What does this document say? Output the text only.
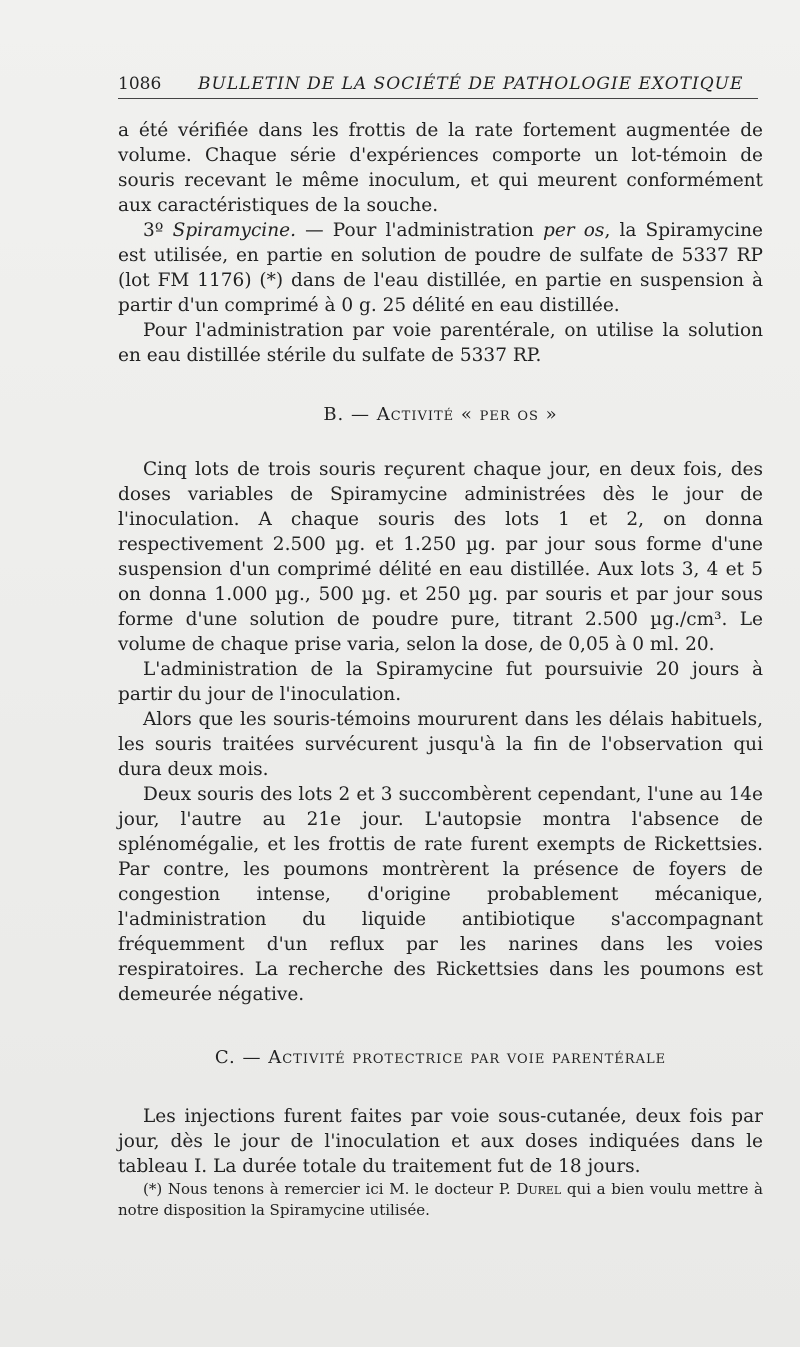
1086 BULLETIN DE LA SOCIÉTÉ DE PATHOLOGIE EXOTIQUE

a été vérifiée dans les frottis de la rate fortement augmentée de volume. Chaque série d'expériences comporte un lot-témoin de souris recevant le même inoculum, et qui meurent conformément aux caractéristiques de la souche.

3º Spiramycine. — Pour l'administration per os, la Spiramycine est utilisée, en partie en solution de poudre de sulfate de 5337 RP (lot FM 1176) (*) dans de l'eau distillée, en partie en suspension à partir d'un comprimé à 0 g. 25 délité en eau distillée.

Pour l'administration par voie parentérale, on utilise la solution en eau distillée stérile du sulfate de 5337 RP.

B. — Activité « per os »

Cinq lots de trois souris reçurent chaque jour, en deux fois, des doses variables de Spiramycine administrées dès le jour de l'inoculation. A chaque souris des lots 1 et 2, on donna respectivement 2.500 µg. et 1.250 µg. par jour sous forme d'une suspension d'un comprimé délité en eau distillée. Aux lots 3, 4 et 5 on donna 1.000 µg., 500 µg. et 250 µg. par souris et par jour sous forme d'une solution de poudre pure, titrant 2.500 µg./cm³. Le volume de chaque prise varia, selon la dose, de 0,05 à 0 ml. 20.

L'administration de la Spiramycine fut poursuivie 20 jours à partir du jour de l'inoculation.

Alors que les souris-témoins moururent dans les délais habituels, les souris traitées survécurent jusqu'à la fin de l'observation qui dura deux mois.

Deux souris des lots 2 et 3 succombèrent cependant, l'une au 14e jour, l'autre au 21e jour. L'autopsie montra l'absence de splénomégalie, et les frottis de rate furent exempts de Rickettsies. Par contre, les poumons montrèrent la présence de foyers de congestion intense, d'origine probablement mécanique, l'administration du liquide antibiotique s'accompagnant fréquemment d'un reflux par les narines dans les voies respiratoires. La recherche des Rickettsies dans les poumons est demeurée négative.

C. — Activité protectrice par voie parentérale

Les injections furent faites par voie sous-cutanée, deux fois par jour, dès le jour de l'inoculation et aux doses indiquées dans le tableau I. La durée totale du traitement fut de 18 jours.

(*) Nous tenons à remercier ici M. le docteur P. Durel qui a bien voulu mettre à notre disposition la Spiramycine utilisée.
